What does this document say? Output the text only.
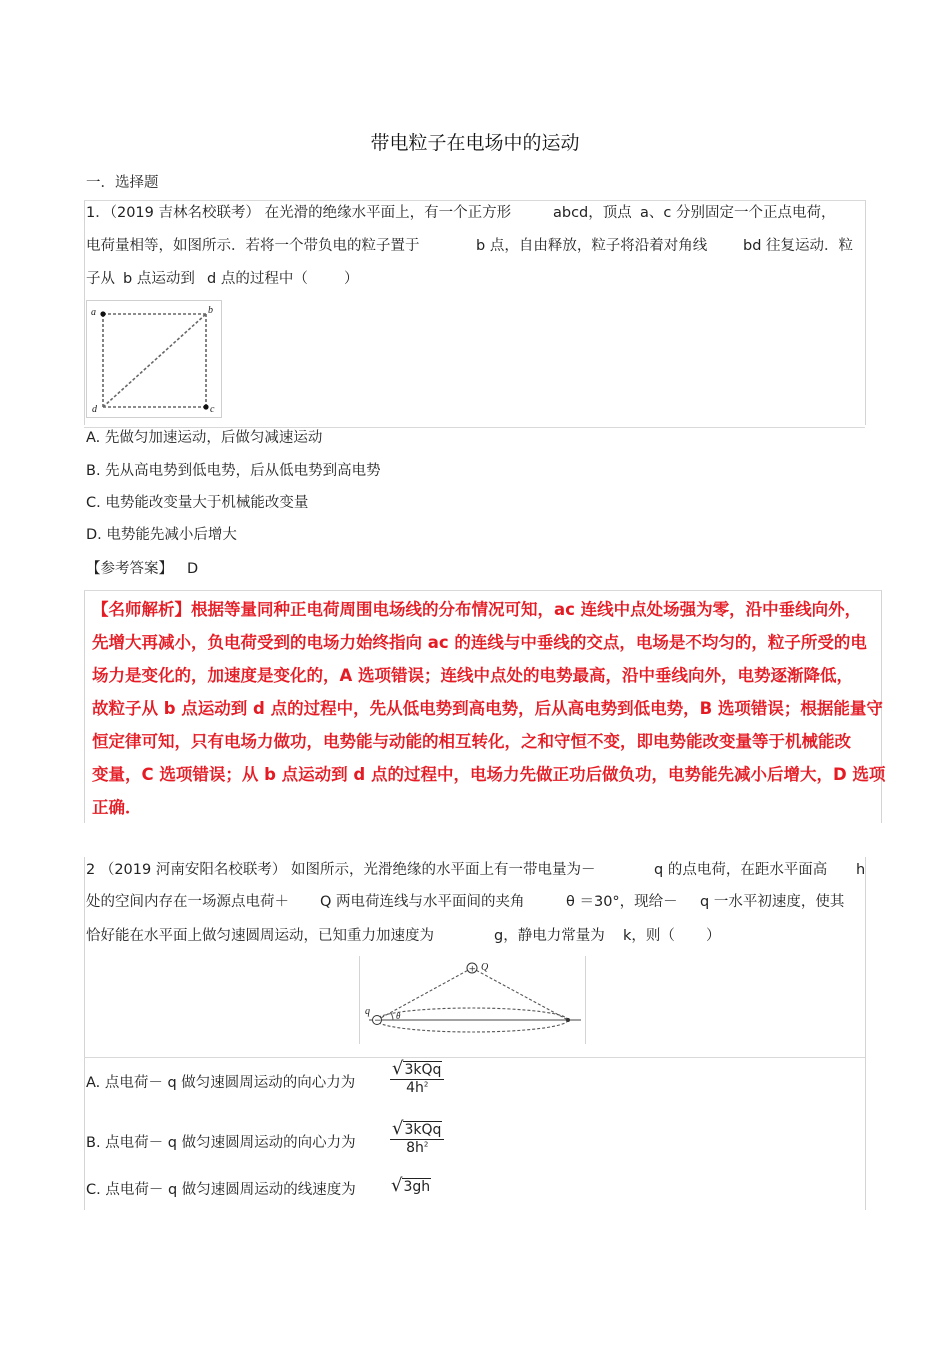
带电粒子在电场中的运动
一．选择题
1．（2019 吉林名校联考） 在光滑的绝缘水平面上，有一个正方形	abcd，顶点 a、c 分别固定一个正点电荷，
电荷量相等，如图所示．若将一个带负电的粒子置于	b 点，自由释放，粒子将沿着对角线 bd 往复运动．粒
子从 b 点运动到 d 点的过程中（ ）
a	b
c
d
A. 先做匀加速运动，后做匀减速运动
B. 先从高电势到低电势，后从低电势到高电势
C. 电势能改变量大于机械能改变量
D. 电势能先减小后增大
【参考答案】 D
【名师解析】根据等量同种正电荷周围电场线的分布情况可知，ac 连线中点处场强为零，沿中垂线向外，
先增大再减小，负电荷受到的电场力始终指向 ac 的连线与中垂线的交点，电场是不均匀的，粒子所受的电
场力是变化的，加速度是变化的，A 选项错误；连线中点处的电势最高，沿中垂线向外，电势逐渐降低，
故粒子从 b 点运动到 d 点的过程中，先从低电势到高电势，后从高电势到低电势，B 选项错误；根据能量守
恒定律可知，只有电场力做功，电势能与动能的相互转化，之和守恒不变，即电势能改变量等于机械能改
变量，C 选项错误；从 b 点运动到 d 点的过程中，电场力先做正功后做负功，电势能先减小后增大，D 选项
正确．
2 （2019 河南安阳名校联考） 如图所示，光滑绝缘的水平面上有一带电量为－	q 的点电荷，在距水平面高 h
处的空间内存在一场源点电荷＋ Q 两电荷连线与水平面间的夹角	θ ＝30°，现给－ q 一水平初速度，使其
恰好能在水平面上做匀速圆周运动，已知重力加速度为	g，静电力常量为 k，则（ ）
+
−
Q
q	θ
A. 点电荷－ q 做匀速圆周运动的向心力为
√3kQq
$4h^2$
B. 点电荷－ q 做匀速圆周运动的向心力为
√3kQq
$8h^2$
C. 点电荷－ q 做匀速圆周运动的线速度为 √3gh
